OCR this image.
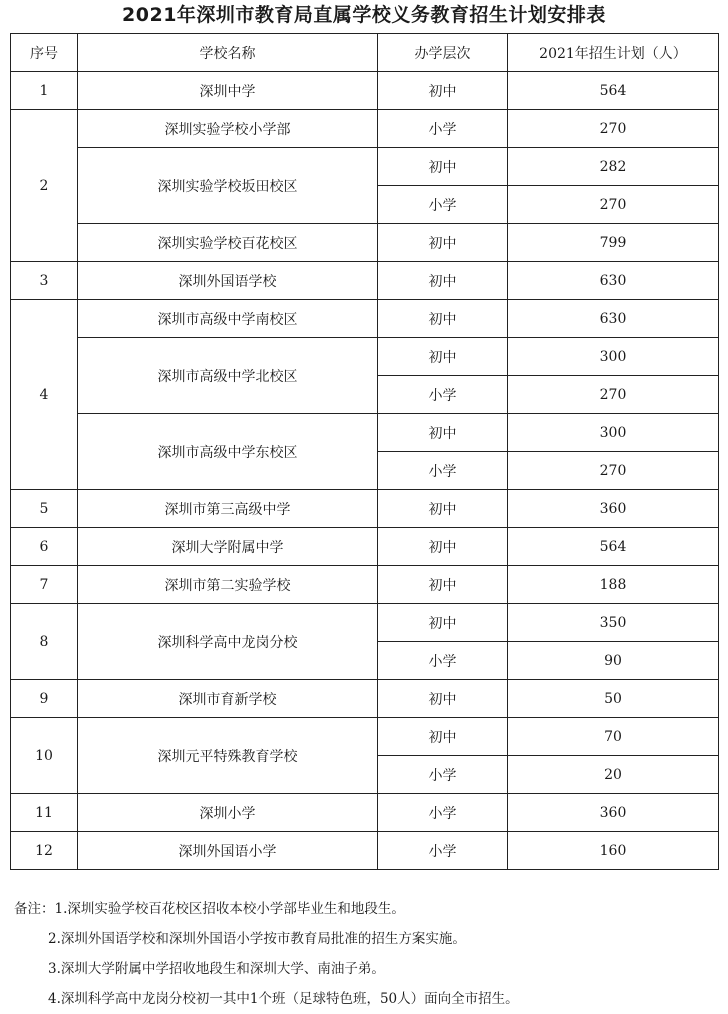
2021年深圳市教育局直属学校义务教育招生计划安排表
序号	学校名称	办学层次	2021年招生计划（人）
1	深圳中学	初中	564
2	深圳实验学校小学部	小学	270
	深圳实验学校坂田校区	初中	282
		小学	270
	深圳实验学校百花校区	初中	799
3	深圳外国语学校	初中	630
4	深圳市高级中学南校区	初中	630
	深圳市高级中学北校区	初中	300
		小学	270
	深圳市高级中学东校区	初中	300
		小学	270
5	深圳市第三高级中学	初中	360
6	深圳大学附属中学	初中	564
7	深圳市第二实验学校	初中	188
8	深圳科学高中龙岗分校	初中	350
		小学	90
9	深圳市育新学校	初中	50
10	深圳元平特殊教育学校	初中	70
		小学	20
11	深圳小学	小学	360
12	深圳外国语小学	小学	160
备注：1.深圳实验学校百花校区招收本校小学部毕业生和地段生。
2.深圳外国语学校和深圳外国语小学按市教育局批准的招生方案实施。
3.深圳大学附属中学招收地段生和深圳大学、南油子弟。
4.深圳科学高中龙岗分校初一其中1个班（足球特色班，50人）面向全市招生。
